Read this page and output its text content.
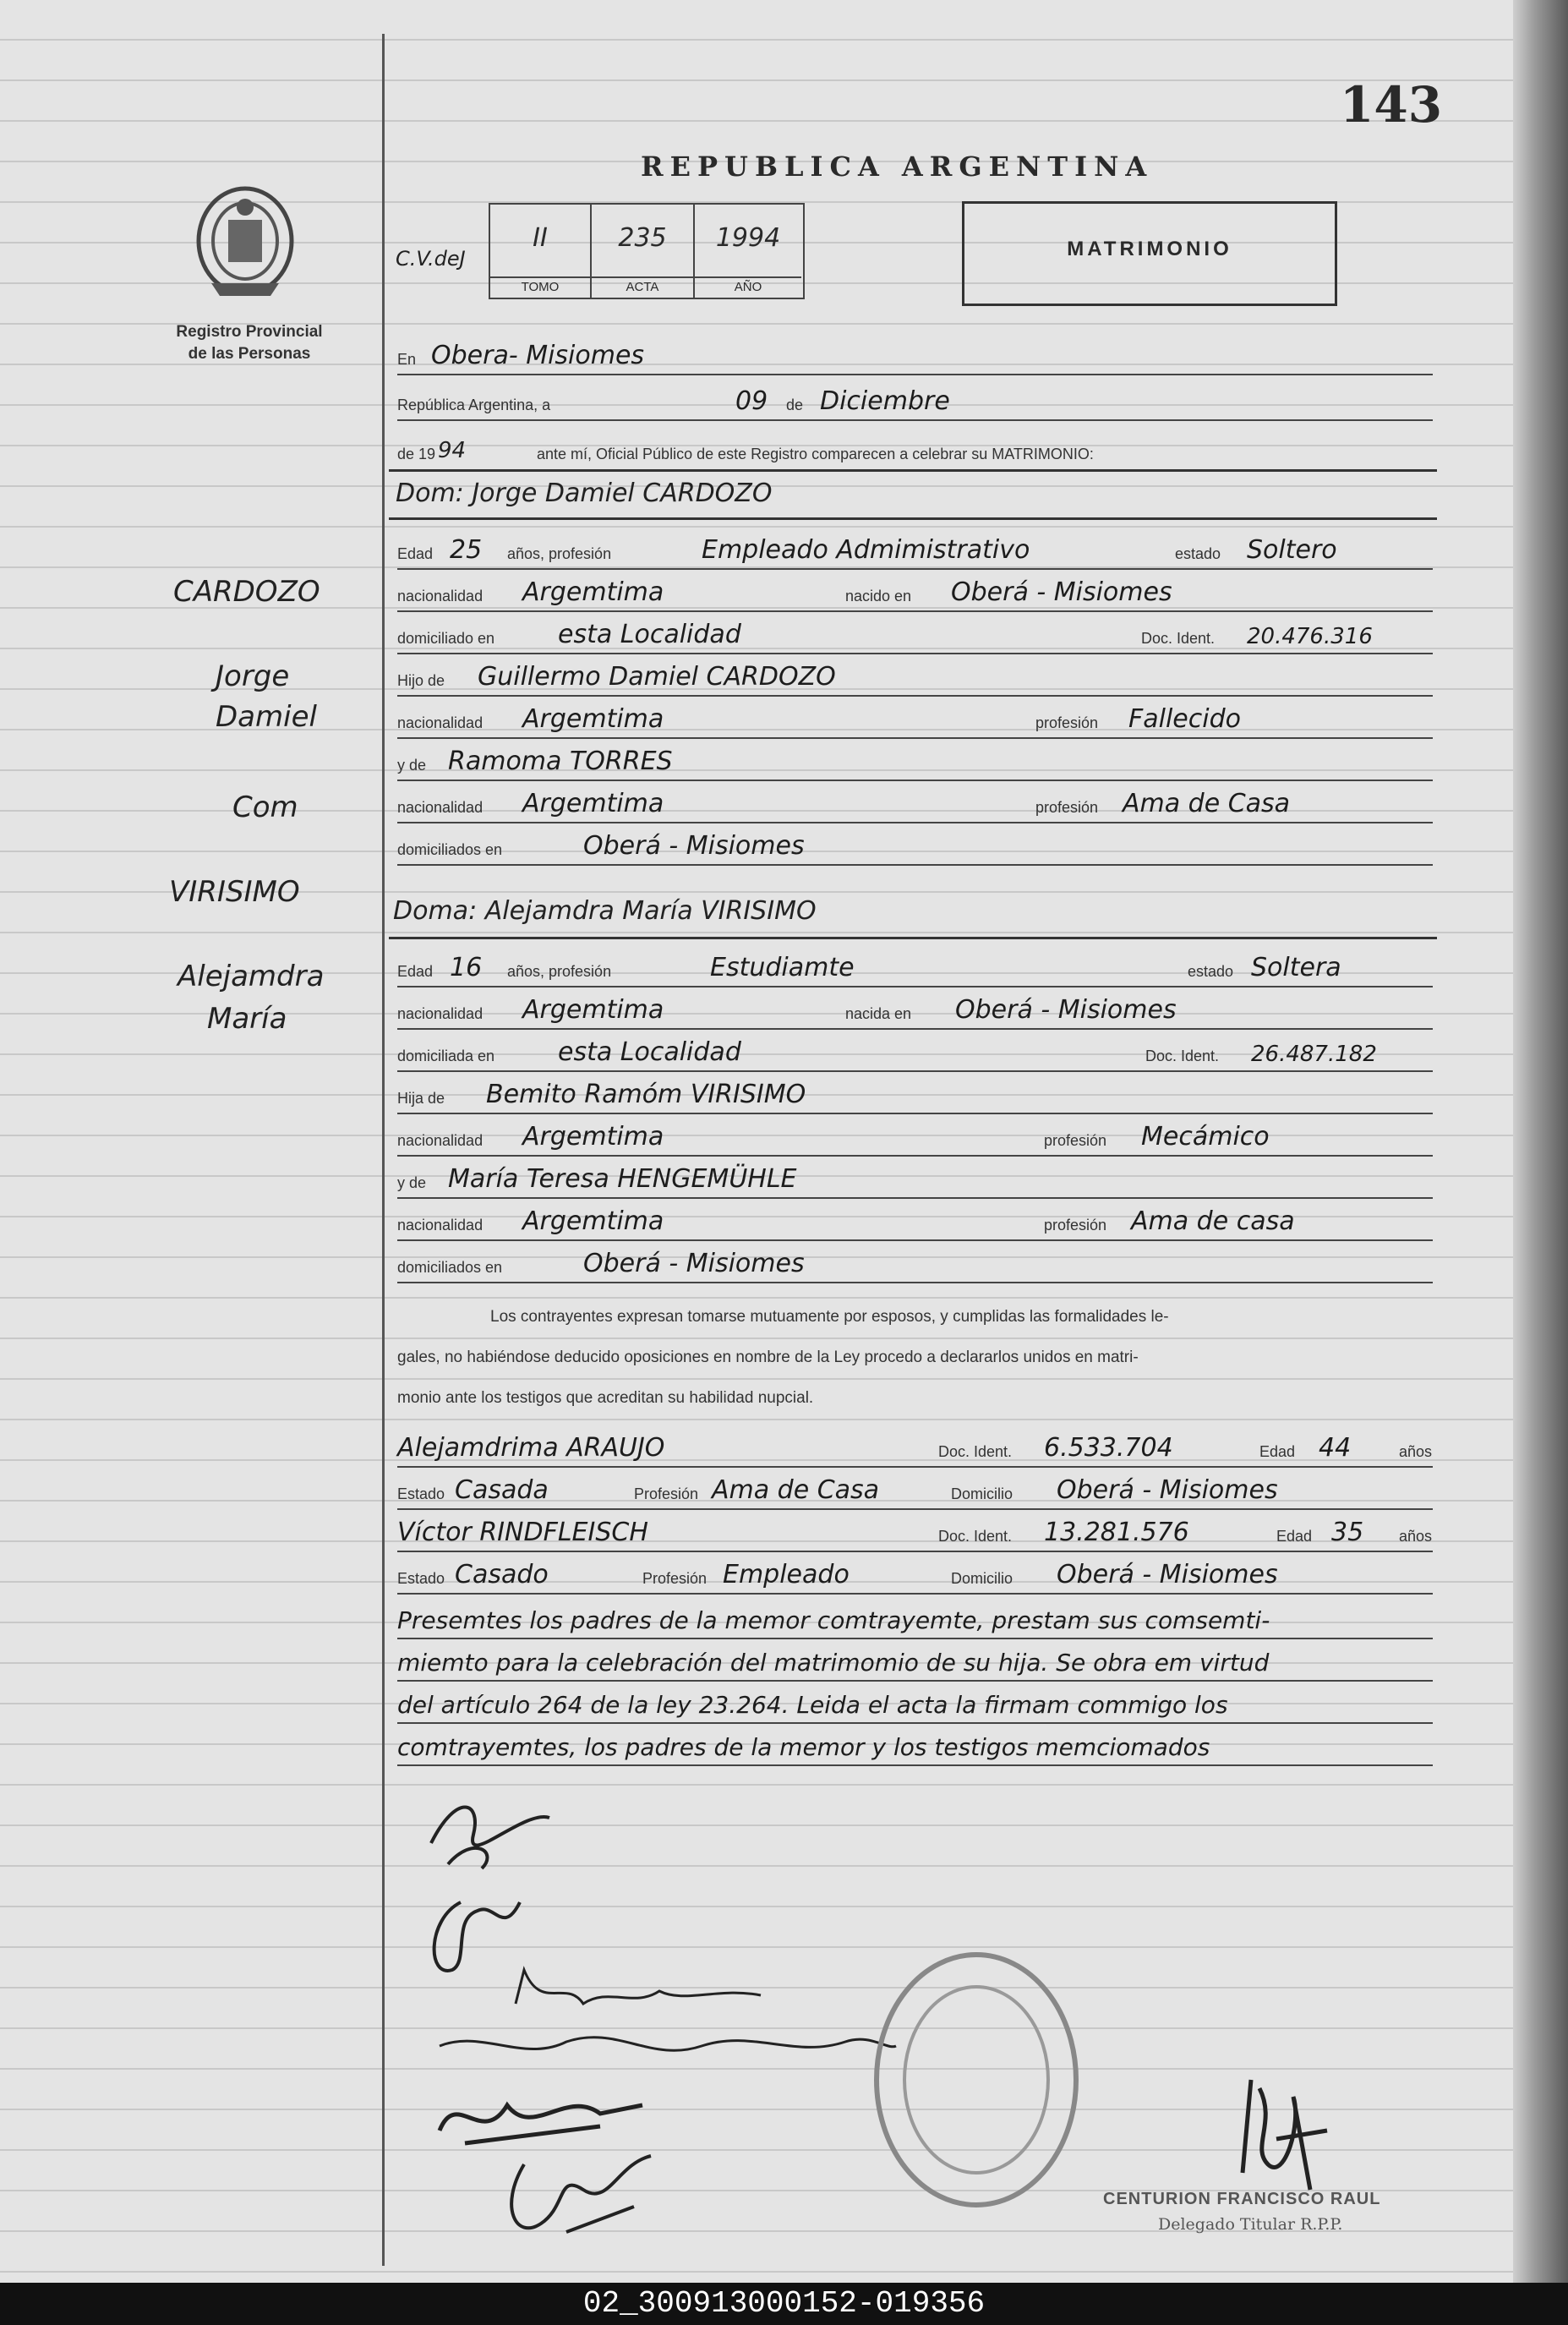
143
REPUBLICA ARGENTINA
Registro Provincial
de las Personas
C.V.deJ
II
TOMO
235
ACTA
1994
AÑO
MATRIMONIO
CARDOZO
Jorge
Damiel
Com
VIRISIMO
Alejamdra
María
En Obera- Misiomes
República Argentina, a	09 de Diciembre
de 19 94	ante mí, Oficial Público de este Registro comparecen a celebrar su MATRIMONIO:
Dom: Jorge Damiel CARDOZO
Edad 25 años, profesión	Empleado Admimistrativo	estado Soltero
nacionalidad Argemtima	nacido en Oberá - Misiomes
domiciliado en esta Localidad	Doc. Ident. 20.476.316
Hijo de Guillermo Damiel CARDOZO
nacionalidad Argemtima	profesión Fallecido
y de Ramoma TORRES
nacionalidad Argemtima	profesión Ama de Casa
domiciliados en	Oberá - Misiomes
Doma: Alejamdra María VIRISIMO
Edad 16 años, profesión	Estudiamte	estado Soltera
nacionalidad Argemtima	nacida en Oberá - Misiomes
domiciliada en esta Localidad	Doc. Ident. 26.487.182
Hija de Bemito Ramóm VIRISIMO
nacionalidad Argemtima	profesión Mecámico
y de María Teresa HENGEMÜHLE
nacionalidad Argemtima	profesión Ama de casa
domiciliados en	Oberá - Misiomes
Los contrayentes expresan tomarse mutuamente por esposos, y cumplidas las formalidades le-
gales, no habiéndose deducido oposiciones en nombre de la Ley procedo a declararlos unidos en matri-
monio ante los testigos que acreditan su habilidad nupcial.
Alejamdrima ARAUJO	Doc. Ident. 6.533.704	Edad 44	años
Estado Casada	Profesión Ama de Casa	Domicilio Oberá - Misiomes
Víctor RINDFLEISCH	Doc. Ident. 13.281.576	Edad 35 años
Estado Casado	Profesión Empleado	Domicilio Oberá - Misiomes
Presemtes los padres de la memor comtrayemte, prestam sus comsemti-
miemto para la celebración del matrimomio de su hija. Se obra em virtud
del artículo 264 de la ley 23.264. Leida el acta la firmam commigo los
comtrayemtes, los padres de la memor y los testigos memciomados
CENTURION FRANCISCO RAUL
Delegado Titular R.P.P.
02_300913000152-019356
